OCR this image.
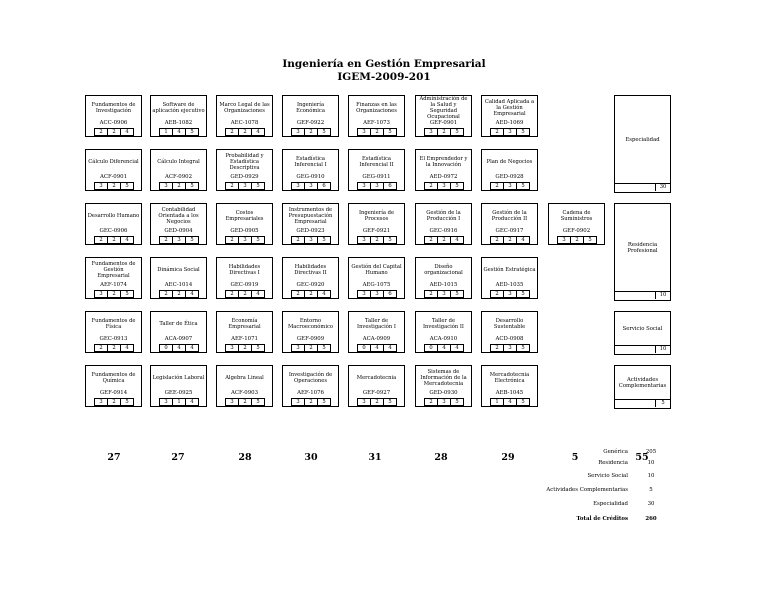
Ingeniería en Gestión Empresarial
IGEM-2009-201
Fundamentos de Investigación
ACC-0906
2	2	4
Software de aplicación ejecutivo
AEB-1082
1	4	5
Marco Legal de las Organizaciones
AEC-1078
2	2	4
Ingeniería Económica
GEF-0922
3	2	5
Finanzas en las Organizaciones
AEF-1073
3	2	5
Administración de la Salud y Seguridad Ocupacional
GEF-0901
3	2	5
Calidad Aplicada a la Gestión Empresarial
AED-1069
2	3	5
Cálculo Diferencial
ACF-0901
3	2	5
Cálculo Integral
ACF-0902
3	2	5
Probabilidad y Estadística Descriptiva
GED-0929
2	3	5
Estadística Inferencial I
GEG-0910
3	3	6
Estadística Inferencial II
GEG-0911
3	3	6
El Emprendedor y la Innovación
AED-0972
2	3	5
Plan de Negocios
GED-0928
2	3	5
Desarrollo Humano
GEC-0906
2	2	4
Contabilidad Orientada a los Negocios
GED-0904
2	3	5
Costos Empresariales
GED-0905
2	3	5
Instrumentos de Presupuestación Empresarial
GED-0923
2	3	5
Ingeniería de Procesos
GEF-0921
3	2	5
Gestión de la Producción I
GEC-0916
2	2	4
Gestión de la Producción II
GEC-0917
2	2	4
Cadena de Suministros
GEF-0902
3	2	5
Fundamentos de Gestión Empresarial
AEF-1074
3	2	5
Dinámica Social
AEC-1014
2	2	4
Habilidades Directivas I
GEC-0919
2	2	4
Habilidades Directivas II
GEC-0920
2	2	4
Gestión del Capital Humano
AEG-1075
3	3	6
Diseño organizacional
AED-1015
2	3	5
Gestión Estratégica
AED-1035
2	3	5
Fundamentos de Física
GEC-0913
2	2	4
Taller de Ética
ACA-0907
0	4	4
Economía Empresarial
AEF-1071
3	2	5
Entorno Macroeconómico
GEF-0909
3	2	5
Taller de Investigación I
ACA-0909
0	4	4
Taller de Investigación II
ACA-0910
0	4	4
Desarrollo Sustentable
ACD-0908
2	3	5
Fundamentos de Química
GEF-0914
3	2	5
Legislación Laboral
GEE-0925
3	1	4
Algebra Lineal
ACF-0903
3	2	5
Investigación de Operaciones
AEF-1076
3	2	5
Mercadotecnia
GEF-0927
3	2	5
Sistemas de Información de la Mercadotecnia
GED-0930
2	3	5
Mercadotecnia Electrónica
AEB-1045
1	4	5
Especialidad
30
Residencia Profesional
10
Servicio Social
10
Actividades Complementarias
5
27	27	28	30	31	28	29	5	55
Genérica	205
Residencia	10
Servicio Social	10
Actividades Complementarias	5
Especialidad	30
Total de Créditos	260
